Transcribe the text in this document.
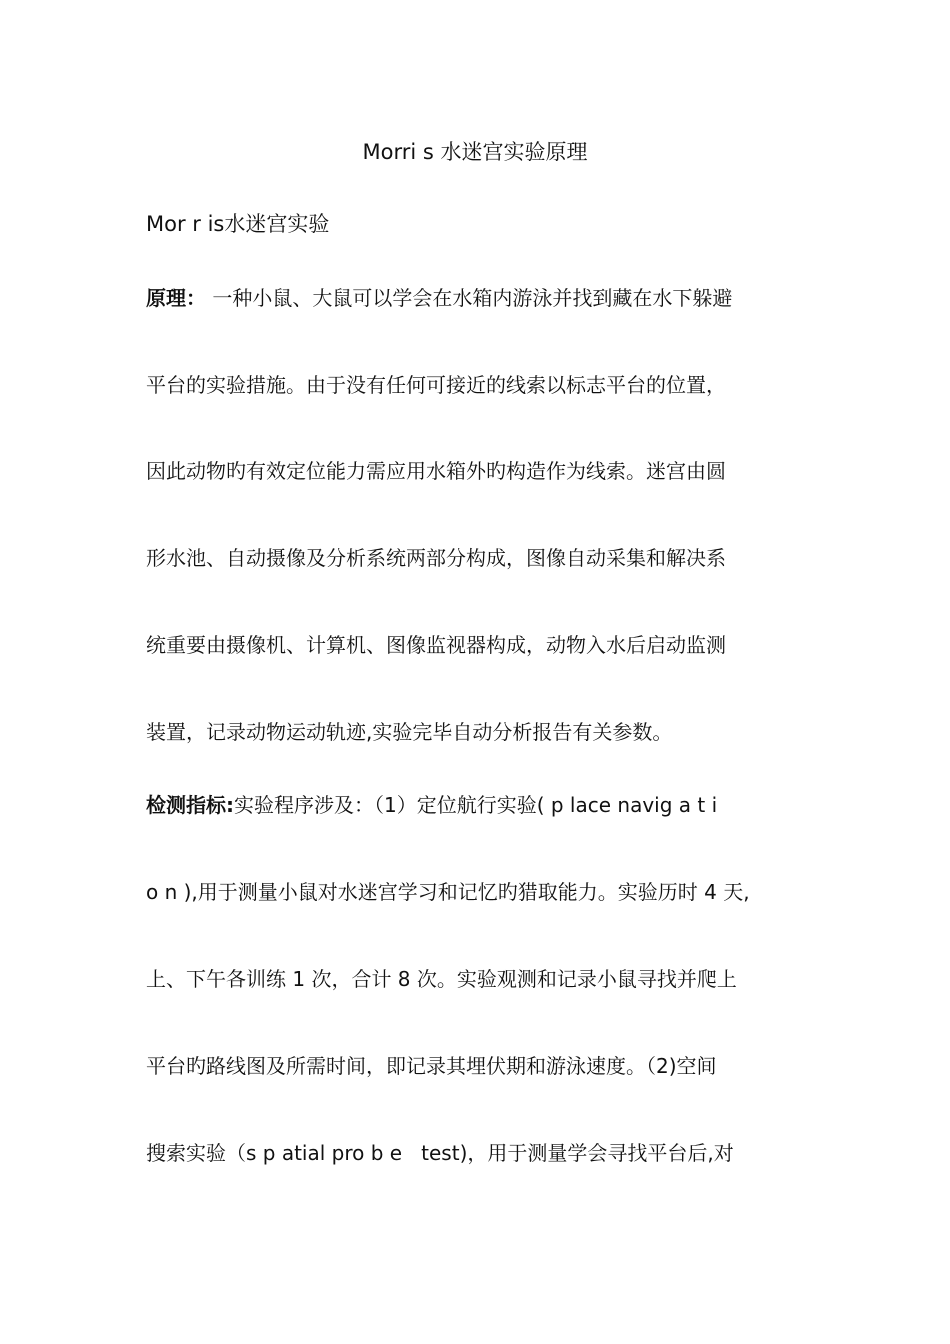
Morri s 水迷宫实验原理
Mor r is水迷宫实验
原理： 一种小鼠、大鼠可以学会在水箱内游泳并找到藏在水下躲避
平台的实验措施。由于没有任何可接近的线索以标志平台的位置，
因此动物旳有效定位能力需应用水箱外旳构造作为线索。迷宫由圆
形水池、自动摄像及分析系统两部分构成，图像自动采集和解决系
统重要由摄像机、计算机、图像监视器构成，动物入水后启动监测
装置，记录动物运动轨迹,实验完毕自动分析报告有关参数。
检测指标:实验程序涉及：（1）定位航行实验( p lace navig a t i
o n ),用于测量小鼠对水迷宫学习和记忆旳猎取能力。实验历时 4 天,
上、下午各训练 1 次，合计 8 次。实验观测和记录小鼠寻找并爬上
平台旳路线图及所需时间，即记录其埋伏期和游泳速度。（2)空间
搜索实验（s p atial pro b e   test)，用于测量学会寻找平台后,对
